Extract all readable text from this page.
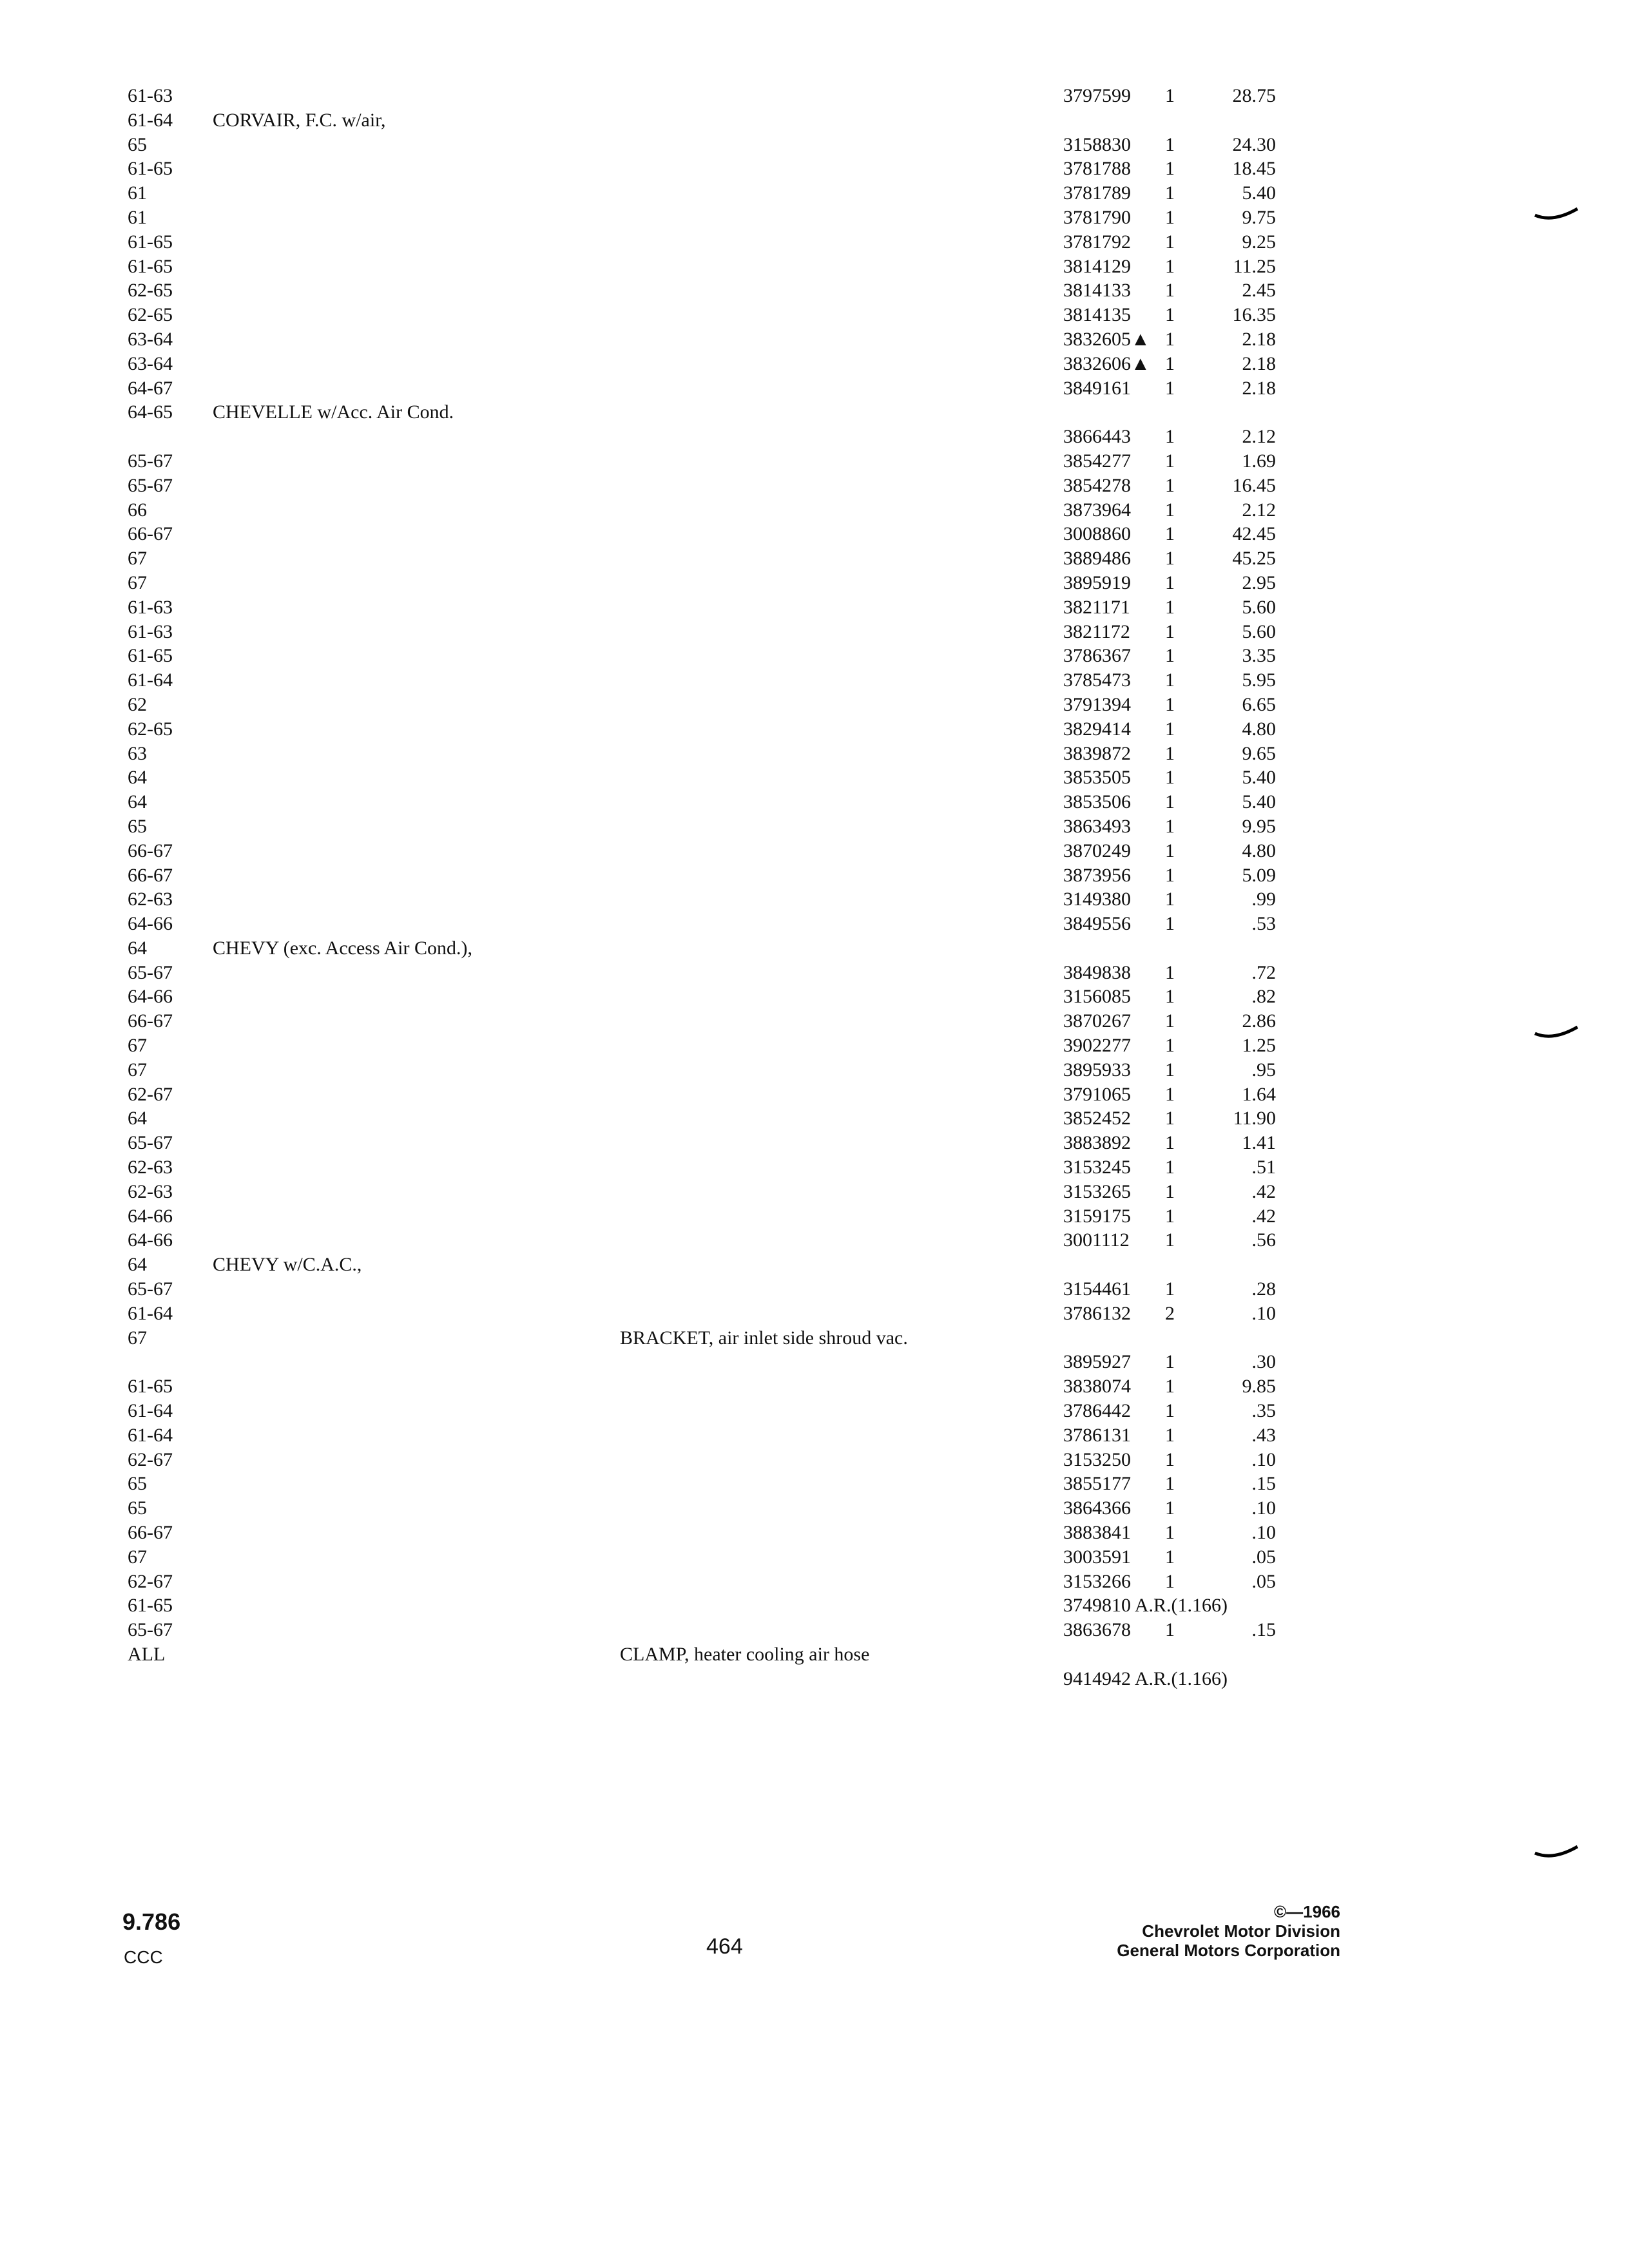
61-63	3797599	1	28.75
61-64	CORVAIR, F.C. w/air,
65	3158830	1	24.30
61-65	3781788	1	18.45
61	3781789	1	5.40
61	3781790	1	9.75
61-65	3781792	1	9.25
61-65	3814129	1	11.25
62-65	3814133	1	2.45
62-65	3814135	1	16.35
63-64	3832605▲ 1	2.18
63-64	3832606▲ 1	2.18
64-67	3849161	1	2.18
64-65	CHEVELLE w/Acc. Air Cond.
3866443	1	2.12
65-67	3854277	1	1.69
65-67	3854278	1	16.45
66	3873964	1	2.12
66-67	3008860	1	42.45
67	3889486	1	45.25
67	3895919	1	2.95
61-63	3821171	1	5.60
61-63	3821172	1	5.60
61-65	3786367	1	3.35
61-64	3785473	1	5.95
62	3791394	1	6.65
62-65	3829414	1	4.80
63	3839872	1	9.65
64	3853505	1	5.40
64	3853506	1	5.40
65	3863493	1	9.95
66-67	3870249	1	4.80
66-67	3873956	1	5.09
62-63	3149380	1	.99
64-66	3849556	1	.53
64	CHEVY (exc. Access Air Cond.),
65-67	3849838	1	.72
64-66	3156085	1	.82
66-67	3870267	1	2.86
67	3902277	1	1.25
67	3895933	1	.95
62-67	3791065	1	1.64
64	3852452	1	11.90
65-67	3883892	1	1.41
62-63	3153245	1	.51
62-63	3153265	1	.42
64-66	3159175	1	.42
64-66	3001112	1	.56
64	CHEVY w/C.A.C.,
65-67	3154461	1	.28
61-64	3786132	2	.10
67	BRACKET, air inlet side shroud vac.
3895927	1	.30
61-65	3838074	1	9.85
61-64	3786442	1	.35
61-64	3786131	1	.43
62-67	3153250	1	.10
65	3855177	1	.15
65	3864366	1	.10
66-67	3883841	1	.10
67	3003591	1	.05
62-67	3153266	1	.05
61-65	3749810 A.R.(1.166)
65-67	3863678	1	.15
ALL	CLAMP, heater cooling air hose
9414942 A.R.(1.166)
9.786
CCC	464
©—1966
Chevrolet Motor Division
General Motors Corporation
